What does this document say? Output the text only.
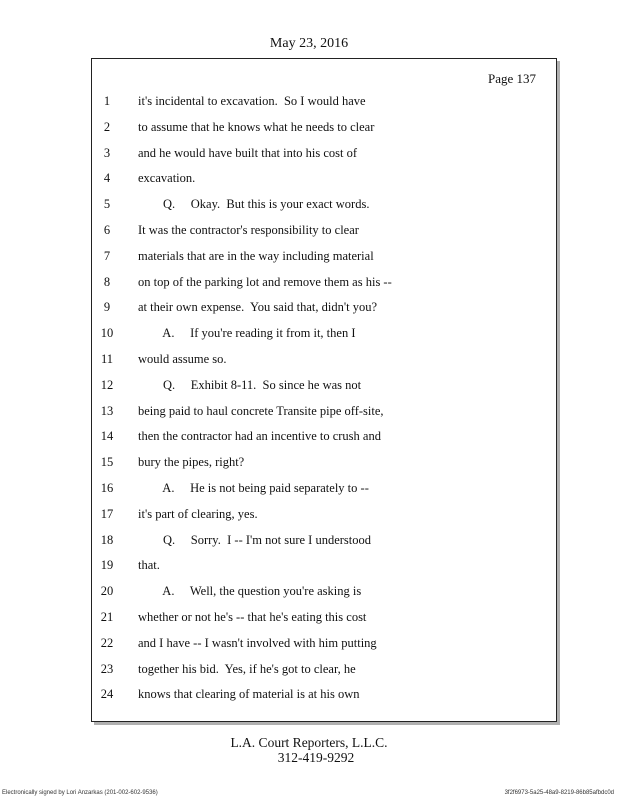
May 23, 2016
Page 137
1	it's incidental to excavation.  So I would have
2	to assume that he knows what he needs to clear
3	and he would have built that into his cost of
4	excavation.
5	Q.     Okay.  But this is your exact words.
6	It was the contractor's responsibility to clear
7	materials that are in the way including material
8	on top of the parking lot and remove them as his --
9	at their own expense.  You said that, didn't you?
10	A.     If you're reading it from it, then I
11	would assume so.
12	Q.     Exhibit 8-11.  So since he was not
13	being paid to haul concrete Transite pipe off-site,
14	then the contractor had an incentive to crush and
15	bury the pipes, right?
16	A.     He is not being paid separately to --
17	it's part of clearing, yes.
18	Q.     Sorry.  I -- I'm not sure I understood
19	that.
20	A.     Well, the question you're asking is
21	whether or not he's -- that he's eating this cost
22	and I have -- I wasn't involved with him putting
23	together his bid.  Yes, if he's got to clear, he
24	knows that clearing of material is at his own
L.A. Court Reporters, L.L.C.
312-419-9292
Electronically signed by Lori Anzarkas (201-002-602-9536)	3f2f6973-5a25-48a9-8219-86b85afbdc0d
